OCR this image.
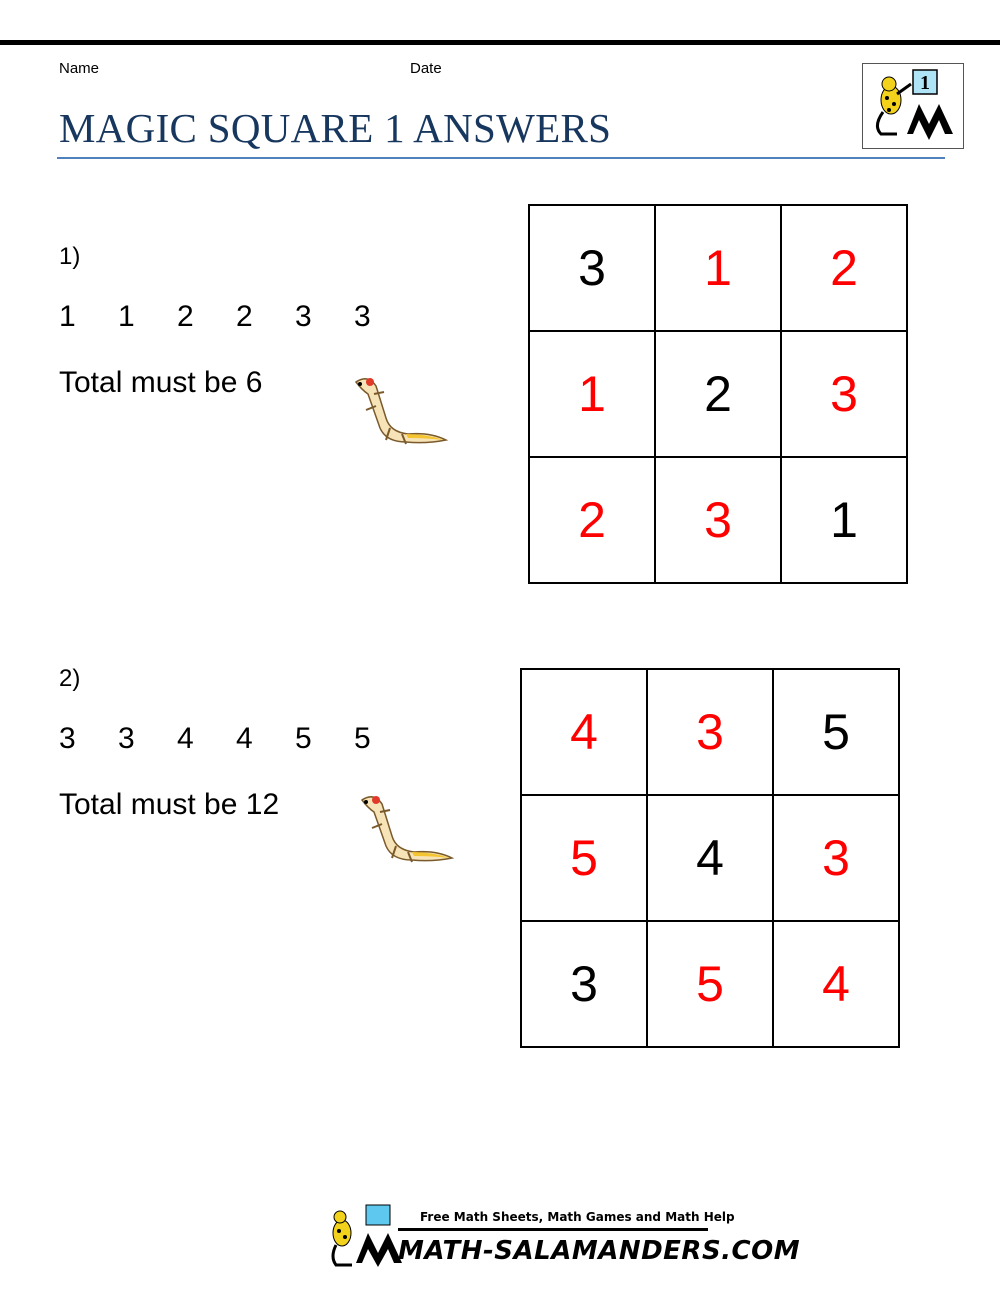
Name	Date
MAGIC SQUARE 1 ANSWERS
1
1)
1	1	2	2	3	3
Total must be 6
3	1	2
1	2	3
2	3	1
2)
3	3	4	4	5	5
Total must be 12
4	3	5
5	4	3
3	5	4
Free Math Sheets, Math Games and Math Help
MATH-SALAMANDERS.COM
